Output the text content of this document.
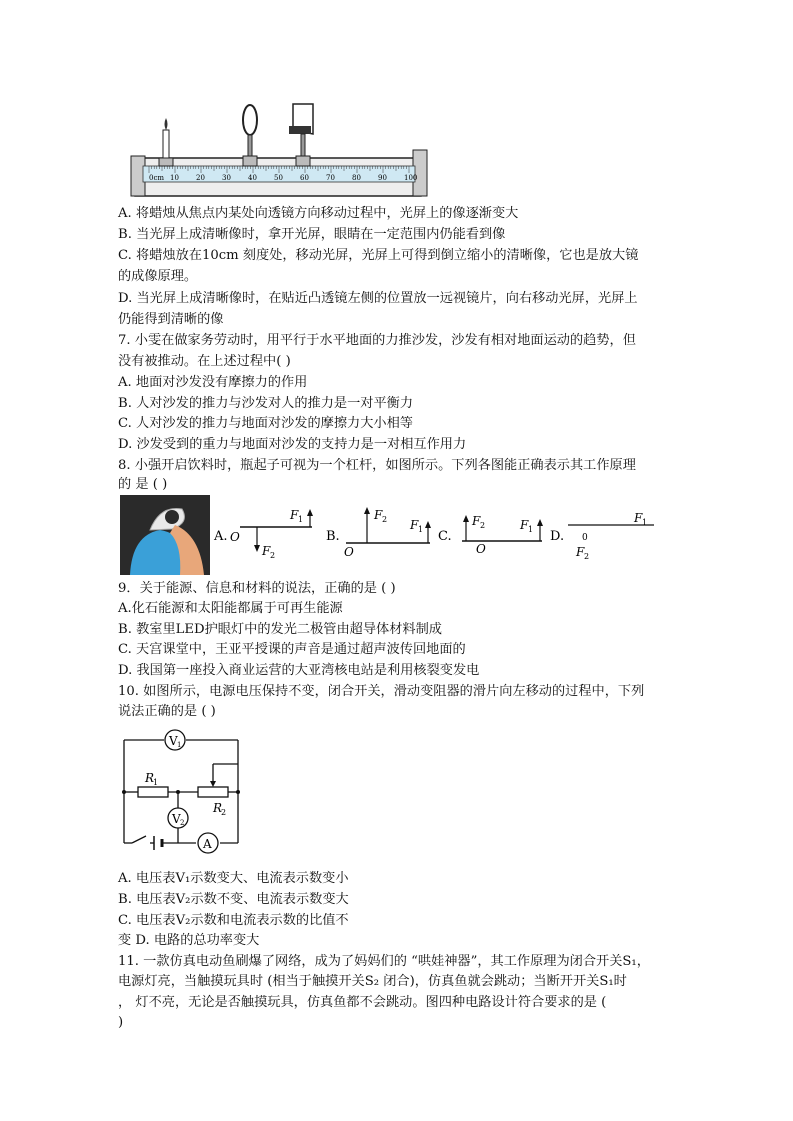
0cm 10 20 30 40 50 60 70 80 90 100
A. 将蜡烛从焦点内某处向透镜方向移动过程中，光屏上的像逐渐变大
B. 当光屏上成清晰像时，拿开光屏，眼睛在一定范围内仍能看到像
C. 将蜡烛放在10cm 刻度处，移动光屏，光屏上可得到倒立缩小的清晰像，它也是放大镜
的成像原理。
D. 当光屏上成清晰像时，在贴近凸透镜左侧的位置放一远视镜片，向右移动光屏，光屏上
仍能得到清晰的像
7. 小雯在做家务劳动时，用平行于水平地面的力推沙发，沙发有相对地面运动的趋势，但
没有被推动。在上述过程中( )
A. 地面对沙发没有摩擦力的作用
B. 人对沙发的推力与沙发对人的推力是一对平衡力
C. 人对沙发的推力与地面对沙发的摩擦力大小相等
D. 沙发受到的重力与地面对沙发的支持力是一对相互作用力
8. 小强开启饮料时，瓶起子可视为一个杠杆，如图所示。下列各图能正确表示其工作原理
的 是 ( )
A.
F 1
F 2
O	B.
F 2 F 1
O
C.
F 2	F 1
O
D.
F 1
0
F 2
9．关于能源、信息和材料的说法，正确的是 ( )
A.化石能源和太阳能都属于可再生能源
B. 教室里LED护眼灯中的发光二极管由超导体材料制成
C. 天宫课堂中，王亚平授课的声音是通过超声波传回地面的
D. 我国第一座投入商业运营的大亚湾核电站是利用核裂变发电
10. 如图所示，电源电压保持不变，闭合开关，滑动变阻器的滑片向左移动的过程中，下列
说法正确的是 ( )
V 1
V 2
A
R
1
R
2
A. 电压表V₁示数变大、电流表示数变小
B. 电压表V₂示数不变、电流表示数变大
C. 电压表V₂示数和电流表示数的比值不
变 D. 电路的总功率变大
11. 一款仿真电动鱼刷爆了网络，成为了妈妈们的 “哄娃神器”，其工作原理为闭合开关S₁，
电源灯亮，当触摸玩具时 (相当于触摸开关S₂ 闭合)，仿真鱼就会跳动；当断开开关S₁时
， 灯不亮，无论是否触摸玩具，仿真鱼都不会跳动。图四种电路设计符合要求的是 (
)
